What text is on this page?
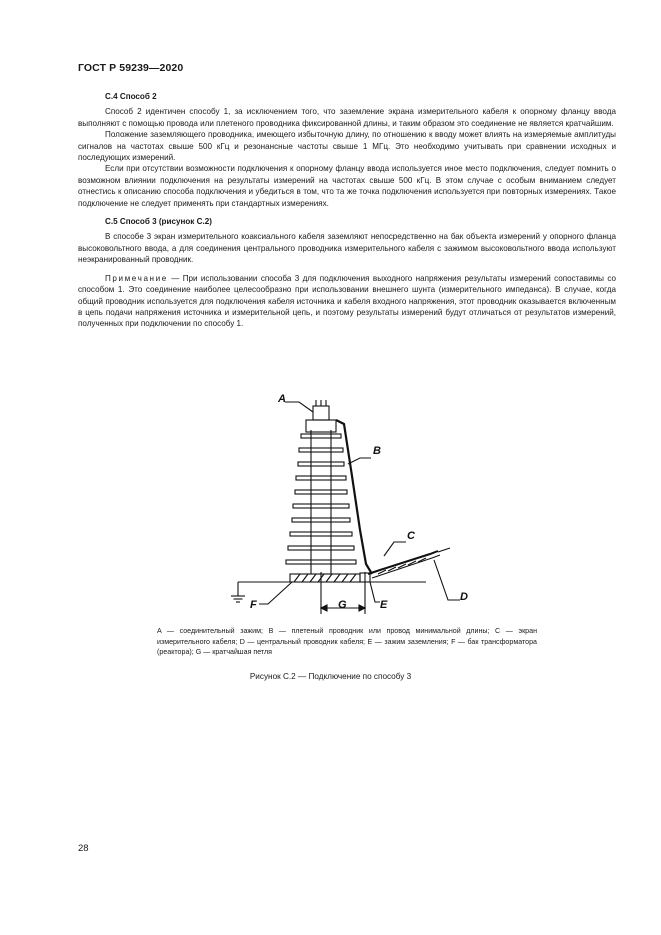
ГОСТ Р 59239—2020

С.4 Способ 2

Способ 2 идентичен способу 1, за исключением того, что заземление экрана измерительного кабеля к опорному фланцу ввода выполняют с помощью провода или плетеного проводника фиксированной длины, и таким образом это соединение не является кратчайшим.

Положение заземляющего проводника, имеющего избыточную длину, по отношению к вводу может влиять на измеряемые амплитуды сигналов на частотах свыше 500 кГц и резонансные частоты свыше 1 МГц. Это необходимо учитывать при сравнении исходных и последующих измерений.

Если при отсутствии возможности подключения к опорному фланцу ввода используется иное место подключения, следует помнить о возможном влиянии подключения на результаты измерений на частотах свыше 500 кГц. В этом случае с особым вниманием следует отнестись к описанию способа подключения и убедиться в том, что та же точка подключения используется при повторных измерениях. Такое подключение не следует применять при стандартных измерениях.

С.5 Способ 3 (рисунок С.2)

В способе 3 экран измерительного коаксиального кабеля заземляют непосредственно на бак объекта измерений у опорного фланца высоковольтного ввода, а для соединения центрального проводника измерительного кабеля с зажимом высоковольтного ввода используют неэкранированный проводник.

Примечание — При использовании способа 3 для подключения выходного напряжения результаты измерений сопоставимы со способом 1. Это соединение наиболее целесообразно при использовании внешнего шунта (измерительного импеданса). В случае, когда общий проводник используется для подключения кабеля источника и кабеля входного напряжения, этот проводник оказывается включенным в цепь подачи напряжения источника и измерительной цепь, и поэтому результаты измерений будут отличаться от результатов измерений, полученных при подключении по способу 1.

A
B
C
D
E
F	G
A — соединительный зажим; B — плетеный проводник или провод минимальной длины; C — экран измерительного кабеля; D — центральный проводник кабеля; E — зажим заземления; F — бак трансформатора (реактора); G — кратчайшая петля
Рисунок С.2 — Подключение по способу 3
28
